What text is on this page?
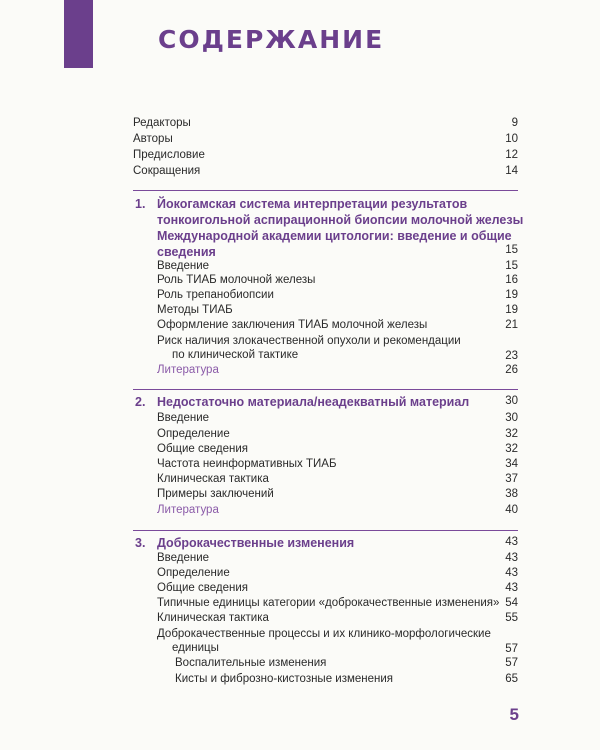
СОДЕРЖАНИЕ
Редакторы	9
Авторы	10
Предисловие	12
Сокращения	14
1. Йокогамская система интерпретации результатов
тонкоигольной аспирационной биопсии молочной железы
Международной академии цитологии: введение и общие
сведения	15
Введение	15
Роль ТИАБ молочной железы	16
Роль трепанобиопсии	19
Методы ТИАБ	19
Оформление заключения ТИАБ молочной железы	21
Риск наличия злокачественной опухоли и рекомендации
по клинической тактике	23
Литература	26
2. Недостаточно материала/неадекватный материал	30
Введение	30
Определение	32
Общие сведения	32
Частота неинформативных ТИАБ	34
Клиническая тактика	37
Примеры заключений	38
Литература	40
3. Доброкачественные изменения	43
Введение	43
Определение	43
Общие сведения	43
Типичные единицы категории «доброкачественные изменения» 54
Клиническая тактика	55
Доброкачественные процессы и их клинико-морфологические
единицы	57
Воспалительные изменения	57
Кисты и фиброзно-кистозные изменения	65
5
